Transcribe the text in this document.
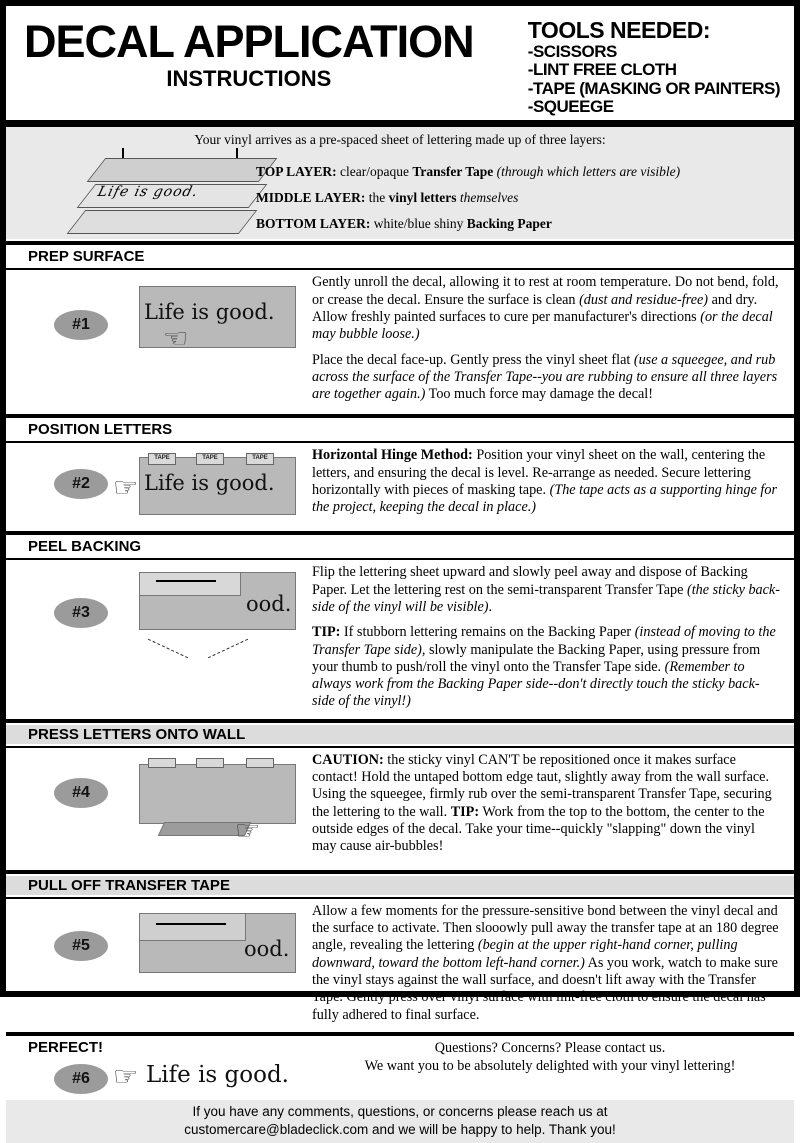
DECAL APPLICATION
INSTRUCTIONS
TOOLS NEEDED:
-SCISSORS
-LINT FREE CLOTH
-TAPE (MASKING OR PAINTERS)
-SQUEEGE
Your vinyl arrives as a pre-spaced sheet of lettering made up of three layers:
Life is good.
TOP LAYER: clear/opaque Transfer Tape (through which letters are visible)
MIDDLE LAYER: the vinyl letters themselves
BOTTOM LAYER: white/blue shiny Backing Paper
PREP SURFACE
#1
Life is good.
☜

Gently unroll the decal, allowing it to rest at room temperature. Do not bend, fold, or crease the decal. Ensure the surface is clean (dust and residue-free) and dry. Allow freshly painted surfaces to cure per manufacturer's directions (or the decal may bubble loose.)

Place the decal face-up. Gently press the vinyl sheet flat (use a squeegee, and rub across the surface of the Transfer Tape--you are rubbing to ensure all three layers are together again.) Too much force may damage the decal!

POSITION LETTERS
#2
TAPE	TAPE	TAPE
Life is good.
☞

Horizontal Hinge Method: Position your vinyl sheet on the wall, centering the letters, and ensuring the decal is level. Re-arrange as needed. Secure lettering horizontally with pieces of masking tape. (The tape acts as a supporting hinge for the project, keeping the decal in place.)

PEEL BACKING
#3	ood.

Flip the lettering sheet upward and slowly peel away and dispose of Backing Paper. Let the lettering rest on the semi-transparent Transfer Tape (the sticky back-side of the vinyl will be visible).

TIP: If stubborn lettering remains on the Backing Paper (instead of moving to the Transfer Tape side), slowly manipulate the Backing Paper, using pressure from your thumb to push/roll the vinyl onto the Transfer Tape side. (Remember to always work from the Backing Paper side--don't directly touch the sticky back-side of the vinyl!)

PRESS LETTERS ONTO WALL
#4
☞

CAUTION: the sticky vinyl CAN'T be repositioned once it makes surface contact! Hold the untaped bottom edge taut, slightly away from the wall surface. Using the squeegee, firmly rub over the semi-transparent Transfer Tape, securing the lettering to the wall. TIP: Work from the top to the bottom, the center to the outside edges of the decal. Take your time--quickly "slapping" down the vinyl may cause air-bubbles!

PULL OFF TRANSFER TAPE
#5	ood.

Allow a few moments for the pressure-sensitive bond between the vinyl decal and the surface to activate. Then slooowly pull away the transfer tape at an 180 degree angle, revealing the lettering (begin at the upper right-hand corner, pulling downward, toward the bottom left-hand corner.) As you work, watch to make sure the vinyl stays against the wall surface, and doesn't lift away with the Transfer Tape. Gently press over vinyl surface with lint-free cloth to ensure the decal has fully adhered to final surface.

PERFECT!
#6	Life is good.
☞
Questions? Concerns? Please contact us.
We want you to be absolutely delighted with your vinyl lettering!
If you have any comments, questions, or concerns please reach us at
customercare@bladeclick.com and we will be happy to help. Thank you!
